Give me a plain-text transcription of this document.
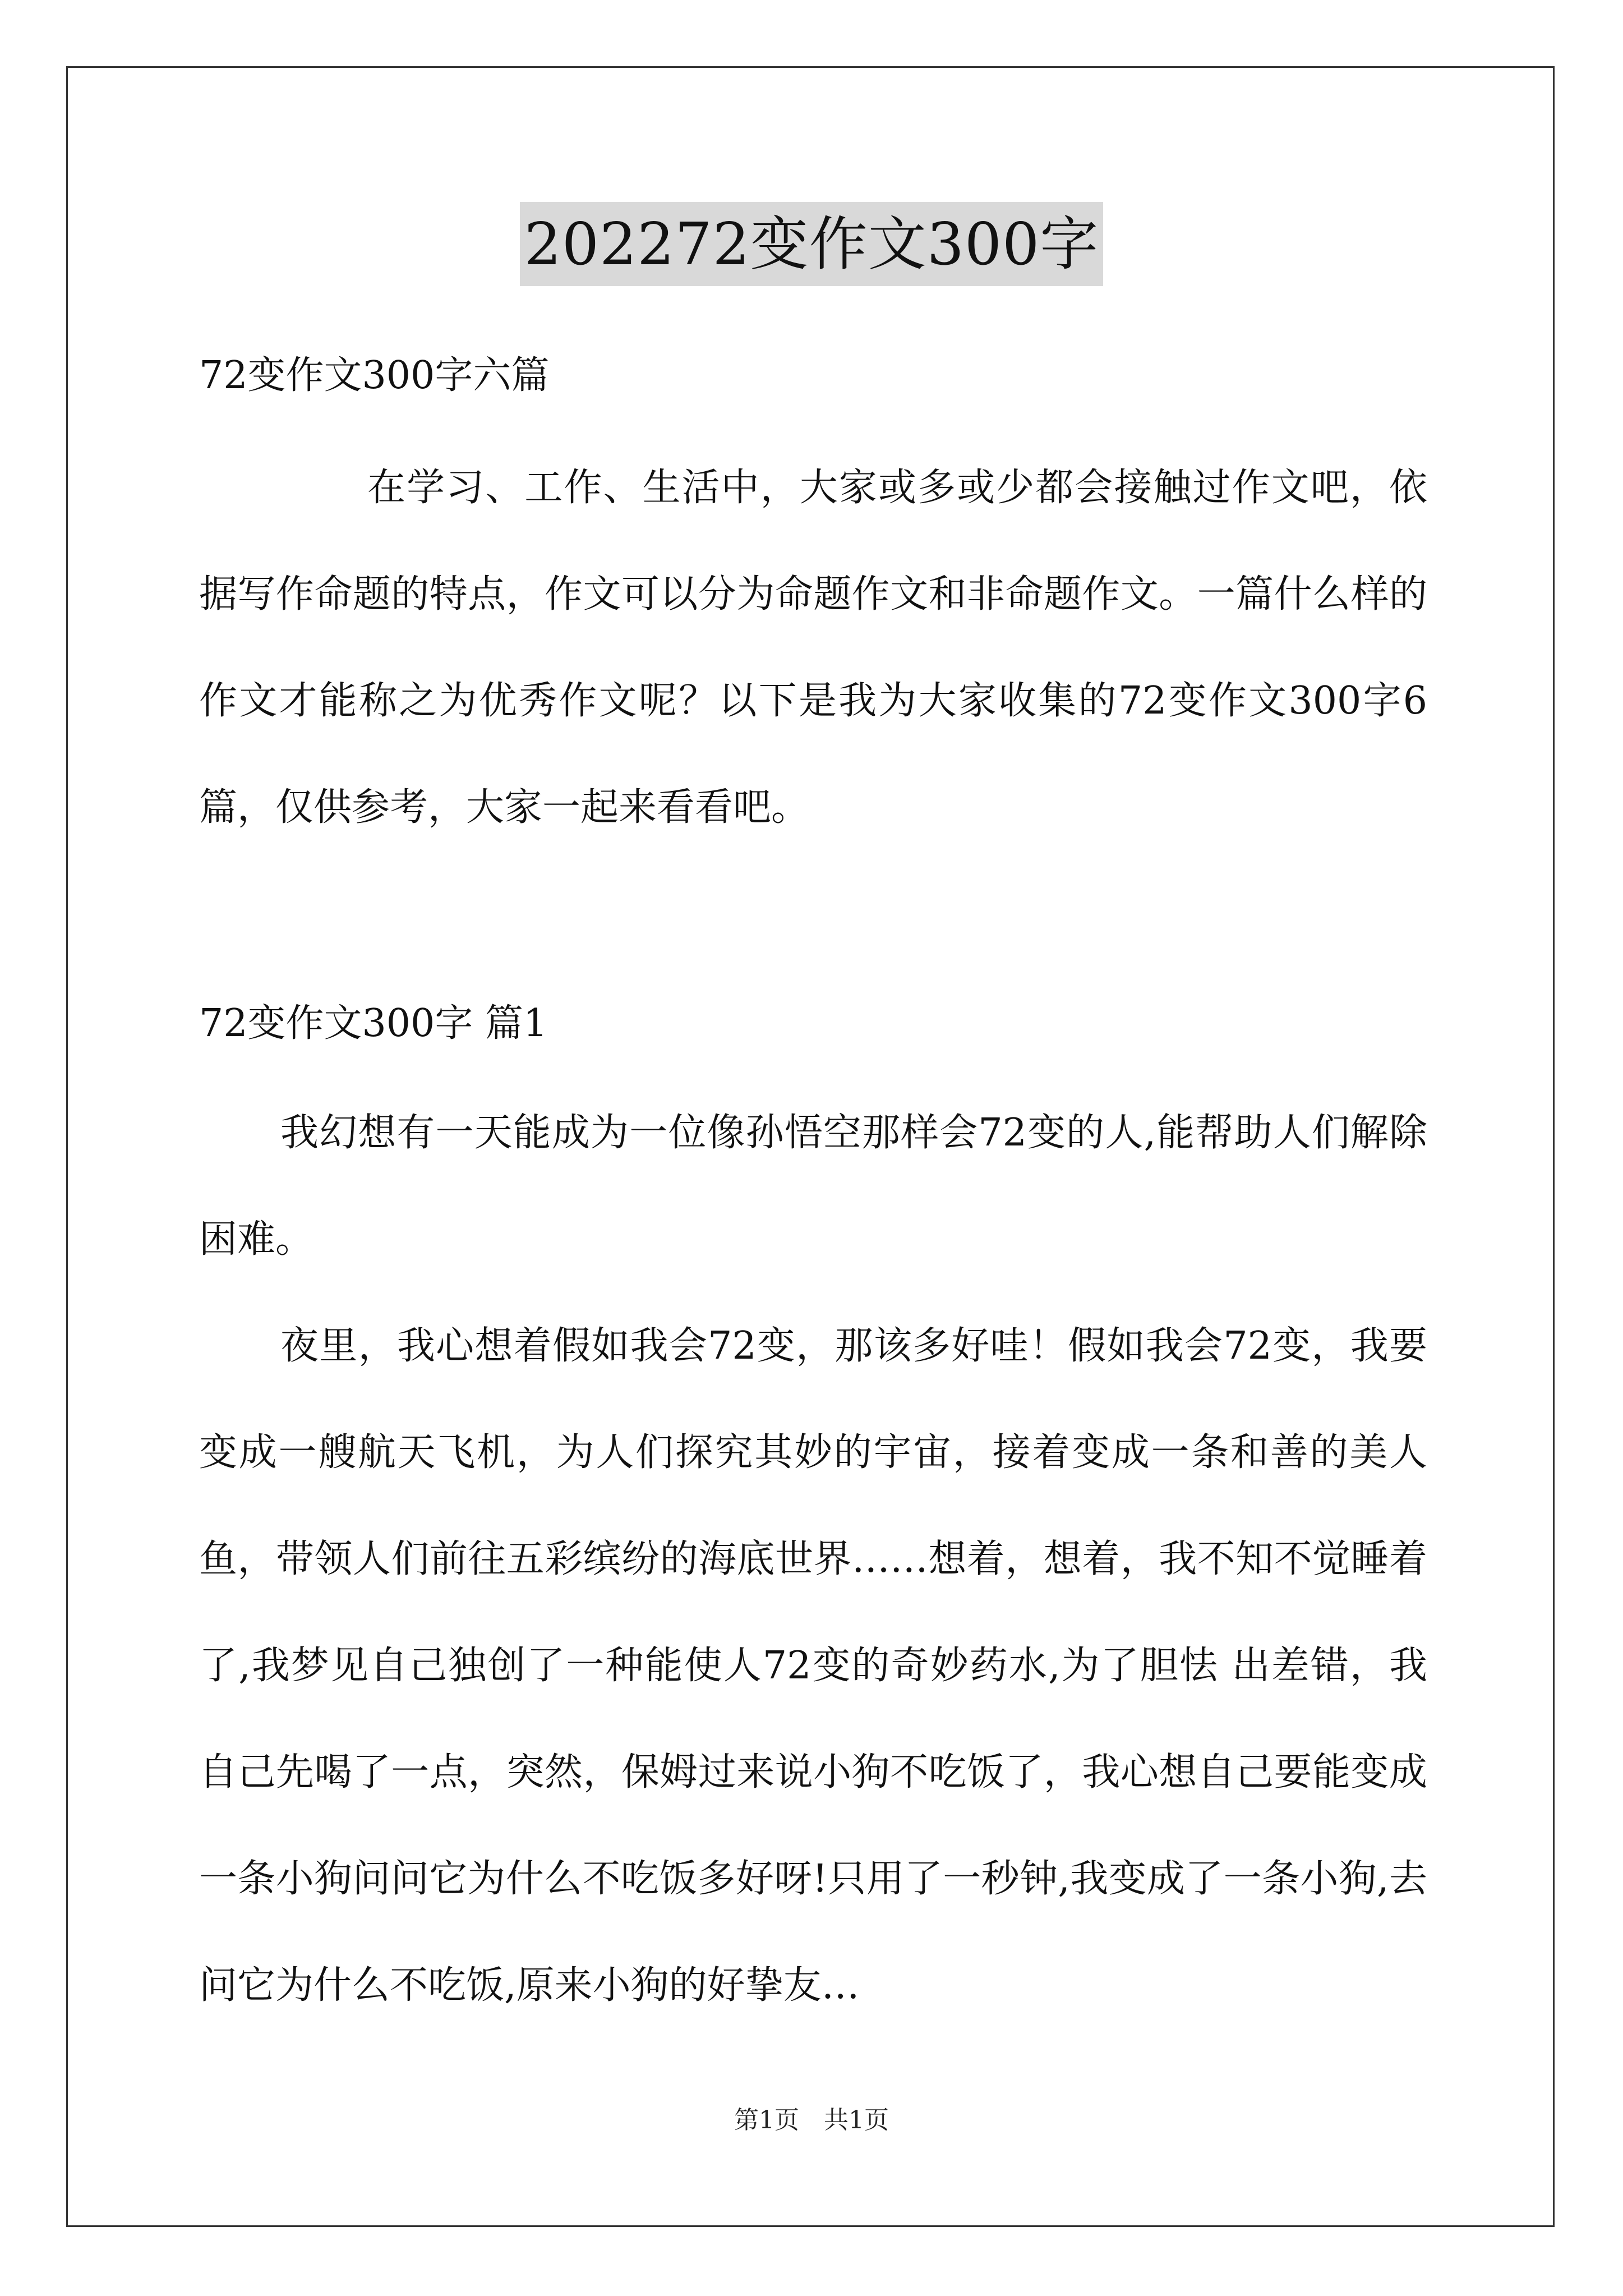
202272变作文300字

72变作文300字六篇

在学习、工作、生活中，大家或多或少都会接触过作文吧，依据写作命题的特点，作文可以分为命题作文和非命题作文。一篇什么样的作文才能称之为优秀作文呢？以下是我为大家收集的72变作文300字6篇，仅供参考，大家一起来看看吧。

72变作文300字 篇1

我幻想有一天能成为一位像孙悟空那样会72变的人,能帮助人们解除困难。

夜里，我心想着假如我会72变，那该多好哇！假如我会72变，我要变成一艘航天飞机，为人们探究其妙的宇宙，接着变成一条和善的美人鱼，带领人们前往五彩缤纷的海底世界……想着，想着，我不知不觉睡着了,我梦见自己独创了一种能使人72变的奇妙药水,为了胆怯 出差错，我自己先喝了一点，突然，保姆过来说小狗不吃饭了，我心想自己要能变成一条小狗问问它为什么不吃饭多好呀!只用了一秒钟,我变成了一条小狗,去问它为什么不吃饭,原来小狗的好挚友…

第1页　共1页
